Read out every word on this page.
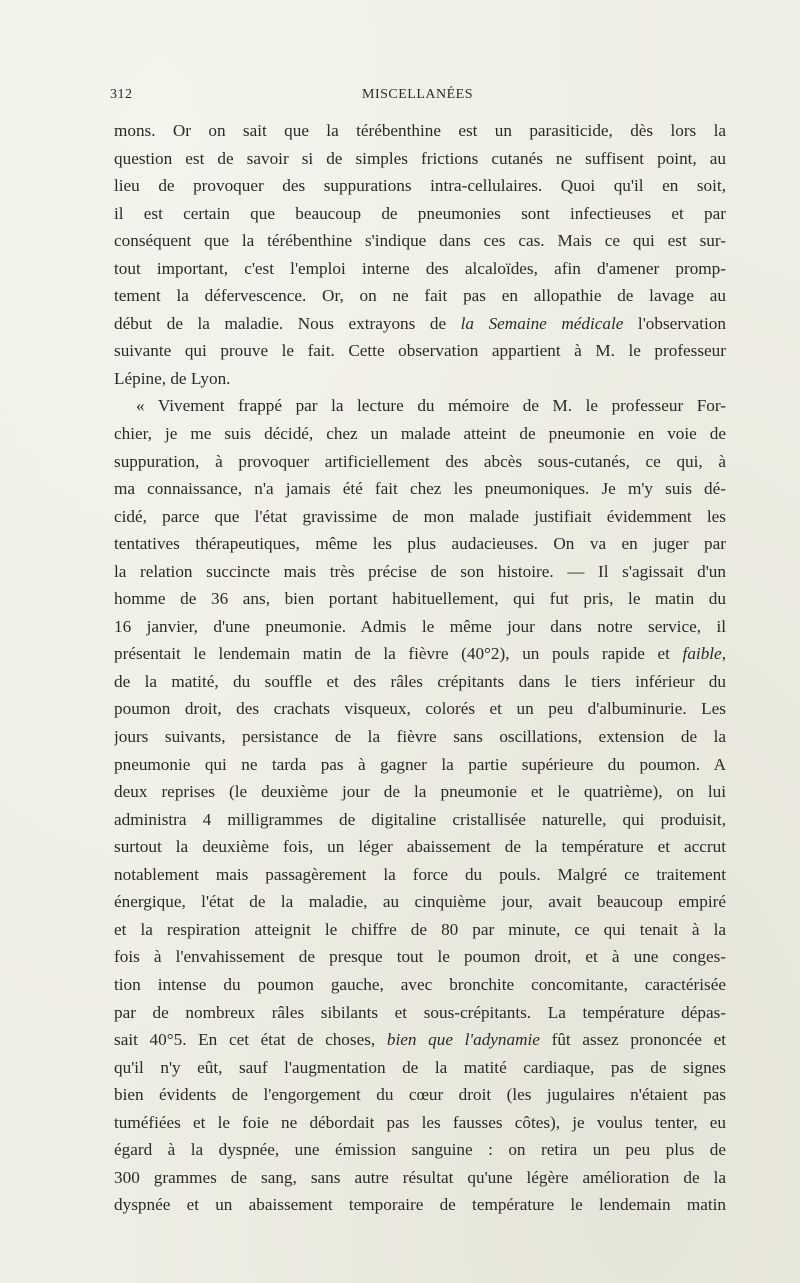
312	MISCELLANÉES
mons. Or on sait que la térébenthine est un parasiticide, dès lors la
question est de savoir si de simples frictions cutanés ne suffisent point, au
lieu de provoquer des suppurations intra-cellulaires. Quoi qu'il en soit,
il est certain que beaucoup de pneumonies sont infectieuses et par
conséquent que la térébenthine s'indique dans ces cas. Mais ce qui est sur-
tout important, c'est l'emploi interne des alcaloïdes, afin d'amener promp-
tement la défervescence. Or, on ne fait pas en allopathie de lavage au
début de la maladie. Nous extrayons de la Semaine médicale l'observation
suivante qui prouve le fait. Cette observation appartient à M. le professeur
Lépine, de Lyon.
« Vivement frappé par la lecture du mémoire de M. le professeur For-
chier, je me suis décidé, chez un malade atteint de pneumonie en voie de
suppuration, à provoquer artificiellement des abcès sous-cutanés, ce qui, à
ma connaissance, n'a jamais été fait chez les pneumoniques. Je m'y suis dé-
cidé, parce que l'état gravissime de mon malade justifiait évidemment les
tentatives thérapeutiques, même les plus audacieuses. On va en juger par
la relation succincte mais très précise de son histoire. — Il s'agissait d'un
homme de 36 ans, bien portant habituellement, qui fut pris, le matin du
16 janvier, d'une pneumonie. Admis le même jour dans notre service, il
présentait le lendemain matin de la fièvre (40°2), un pouls rapide et faible,
de la matité, du souffle et des râles crépitants dans le tiers inférieur du
poumon droit, des crachats visqueux, colorés et un peu d'albuminurie. Les
jours suivants, persistance de la fièvre sans oscillations, extension de la
pneumonie qui ne tarda pas à gagner la partie supérieure du poumon. A
deux reprises (le deuxième jour de la pneumonie et le quatrième), on lui
administra 4 milligrammes de digitaline cristallisée naturelle, qui produisit,
surtout la deuxième fois, un léger abaissement de la température et accrut
notablement mais passagèrement la force du pouls. Malgré ce traitement
énergique, l'état de la maladie, au cinquième jour, avait beaucoup empiré
et la respiration atteignit le chiffre de 80 par minute, ce qui tenait à la
fois à l'envahissement de presque tout le poumon droit, et à une conges-
tion intense du poumon gauche, avec bronchite concomitante, caractérisée
par de nombreux râles sibilants et sous-crépitants. La température dépas-
sait 40°5. En cet état de choses, bien que l'adynamie fût assez prononcée et
qu'il n'y eût, sauf l'augmentation de la matité cardiaque, pas de signes
bien évidents de l'engorgement du cœur droit (les jugulaires n'étaient pas
tuméfiées et le foie ne débordait pas les fausses côtes), je voulus tenter, eu
égard à la dyspnée, une émission sanguine : on retira un peu plus de
300 grammes de sang, sans autre résultat qu'une légère amélioration de la
dyspnée et un abaissement temporaire de température le lendemain matin
